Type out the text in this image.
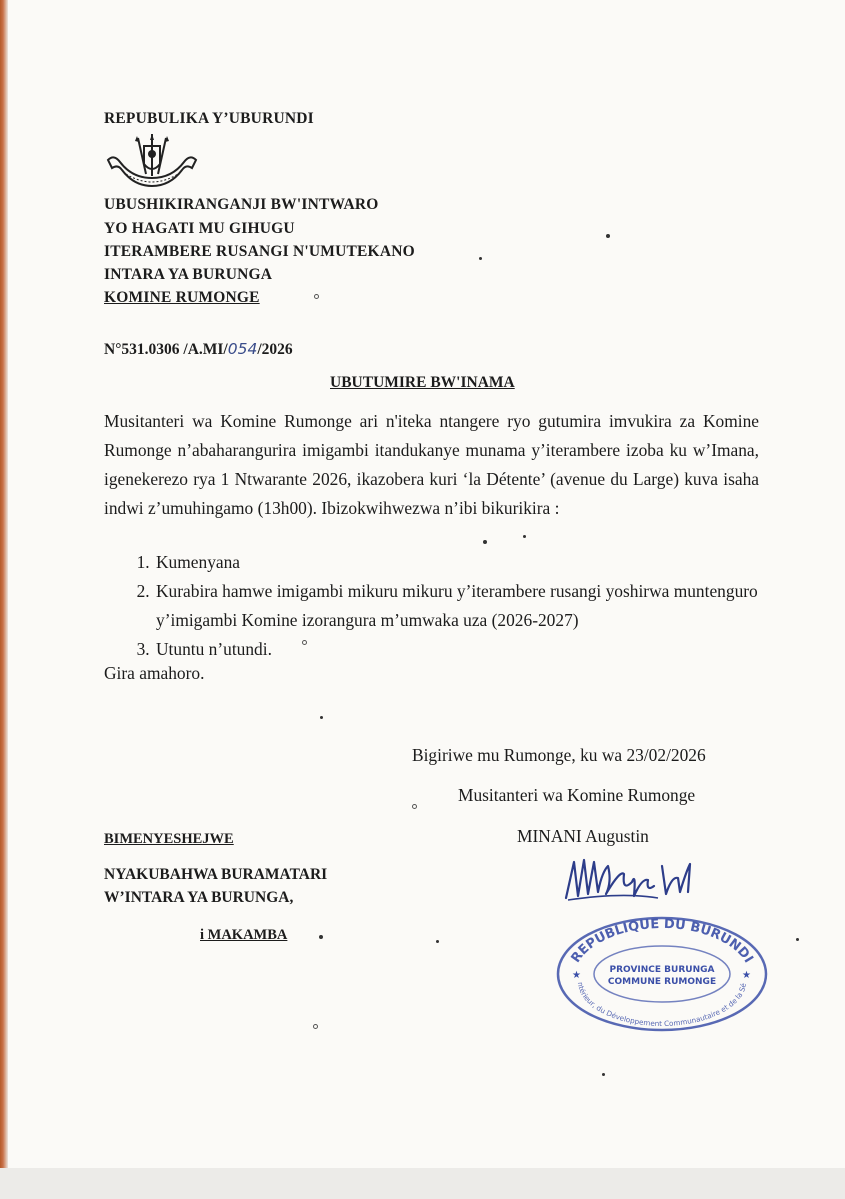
REPUBULIKA Y’UBURUNDI
UBUSHIKIRANGANJI BW'INTWARO
YO HAGATI MU GIHUGU
ITERAMBERE RUSANGI N'UMUTEKANO
INTARA YA BURUNGA
KOMINE RUMONGE
N°531.0306 /A.MI/054/2026
UBUTUMIRE BW'INAMA
Musitanteri wa Komine Rumonge ari n'iteka ntangere ryo gutumira imvukira za Komine Rumonge n’abaharangurira imigambi itandukanye munama y’iterambere izoba ku w’Imana, igenekerezo rya 1 Ntwarante 2026, ikazobera kuri ‘la Détente’ (avenue du Large) kuva isaha indwi z’umuhingamo (13h00). Ibizokwihwezwa n’ibi bikurikira :
1. Kumenyana
2. Kurabira hamwe imigambi mikuru mikuru y’iterambere rusangi yoshirwa muntenguro y’imigambi Komine izorangura m’umwaka uza (2026-2027)
3. Utuntu n’utundi.
Gira amahoro.
Bigiriwe mu Rumonge, ku wa 23/02/2026
Musitanteri wa Komine Rumonge
MINANI Augustin
BIMENYESHEJWE
NYAKUBAHWA BURAMATARI
W’INTARA YA BURUNGA,
i MAKAMBA
REPUBLIQUE DU BURUNDI
PROVINCE BURUNGA
COMMUNE RUMONGE
ntérieur, du Développement Communautaire et de la Sé
★	★
